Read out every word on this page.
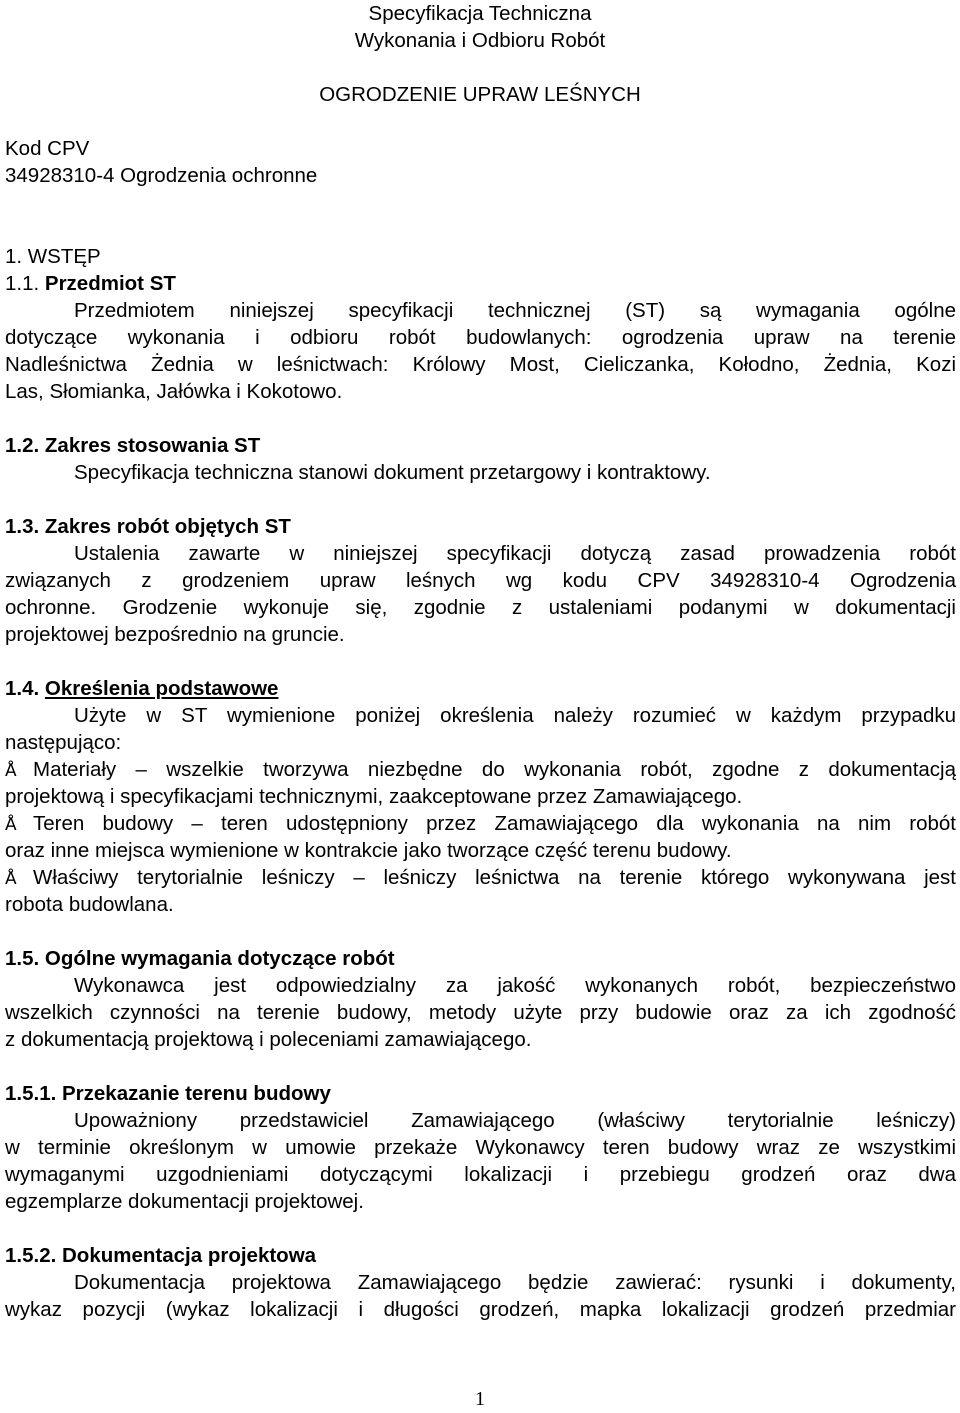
Specyfikacja Techniczna

Wykonania i Odbioru Robót

OGRODZENIE UPRAW LEŚNYCH

Kod CPV

34928310-4 Ogrodzenia ochronne

1. WSTĘP

1.1. Przedmiot ST

Przedmiotem niniejszej specyfikacji technicznej (ST) są wymagania ogólne

dotyczące wykonania i odbioru robót budowlanych: ogrodzenia upraw na terenie

Nadleśnictwa Żednia w leśnictwach: Królowy Most, Cieliczanka, Kołodno, Żednia, Kozi

Las, Słomianka, Jałówka i Kokotowo.

1.2. Zakres stosowania ST

Specyfikacja techniczna stanowi dokument przetargowy i kontraktowy.

1.3. Zakres robót objętych ST

Ustalenia zawarte w niniejszej specyfikacji dotyczą zasad prowadzenia robót

związanych z grodzeniem upraw leśnych wg kodu CPV 34928310-4 Ogrodzenia

ochronne. Grodzenie wykonuje się, zgodnie z ustaleniami podanymi w dokumentacji

projektowej bezpośrednio na gruncie.

1.4. Określenia podstawowe

Użyte w ST wymienione poniżej określenia należy rozumieć w każdym przypadku

następująco:

Å Materiały – wszelkie tworzywa niezbędne do wykonania robót, zgodne z dokumentacją

projektową i specyfikacjami technicznymi, zaakceptowane przez Zamawiającego.

Å Teren budowy – teren udostępniony przez Zamawiającego dla wykonania na nim robót

oraz inne miejsca wymienione w kontrakcie jako tworzące część terenu budowy.

Å Właściwy terytorialnie leśniczy – leśniczy leśnictwa na terenie którego wykonywana jest

robota budowlana.

1.5. Ogólne wymagania dotyczące robót

Wykonawca jest odpowiedzialny za jakość wykonanych robót, bezpieczeństwo

wszelkich czynności na terenie budowy, metody użyte przy budowie oraz za ich zgodność

z dokumentacją projektową i poleceniami zamawiającego.

1.5.1. Przekazanie terenu budowy

Upoważniony przedstawiciel Zamawiającego (właściwy terytorialnie leśniczy)

w terminie określonym w umowie przekaże Wykonawcy teren budowy wraz ze wszystkimi

wymaganymi uzgodnieniami dotyczącymi lokalizacji i przebiegu grodzeń oraz dwa

egzemplarze dokumentacji projektowej.

1.5.2. Dokumentacja projektowa

Dokumentacja projektowa Zamawiającego będzie zawierać: rysunki i dokumenty,

wykaz pozycji (wykaz lokalizacji i długości grodzeń, mapka lokalizacji grodzeń przedmiar

1
